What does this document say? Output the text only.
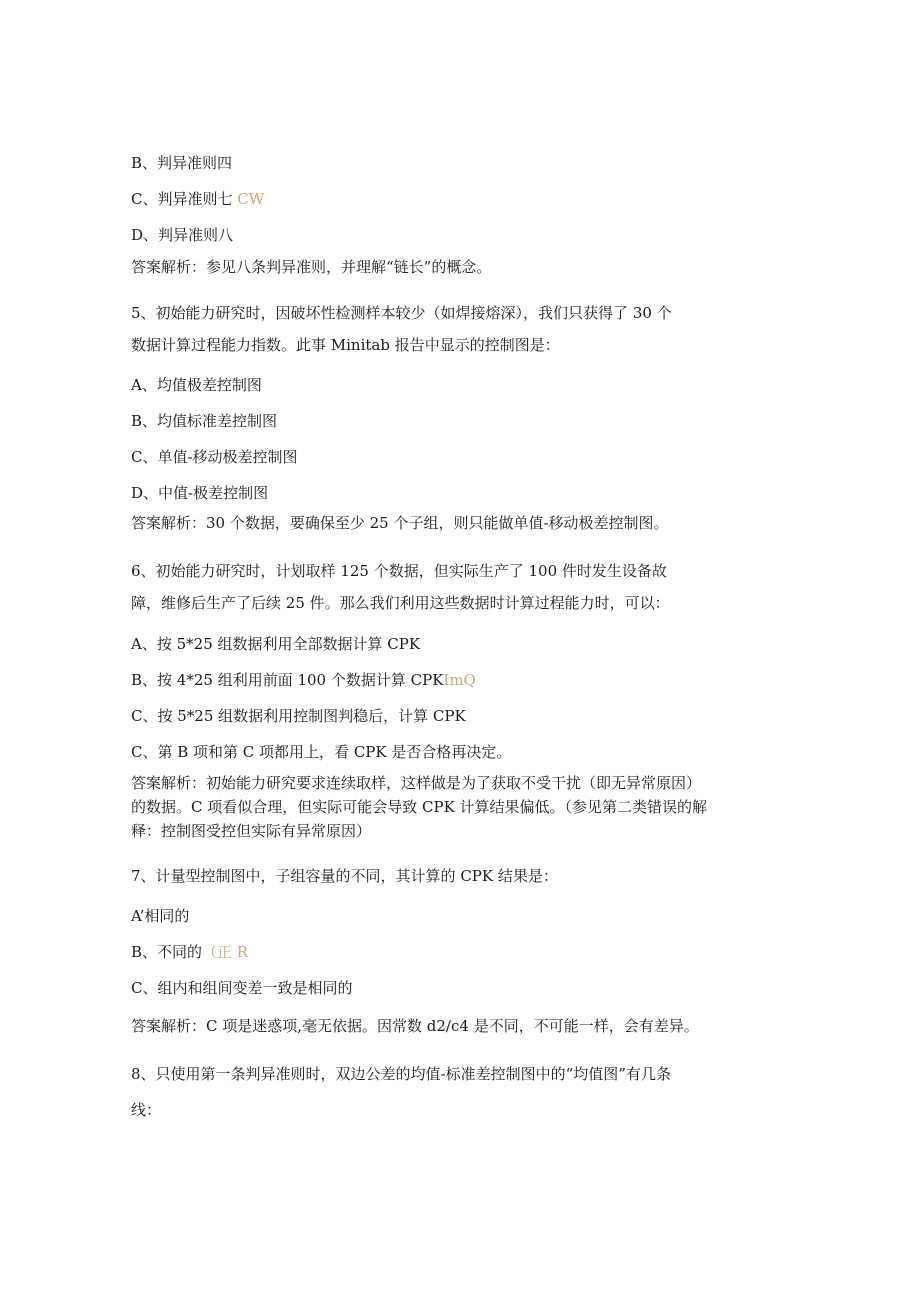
B、判异准则四
C、判异准则七 CW
D、判异准则八
答案解析：参见八条判异准则，并理解“链长”的概念。
5、初始能力研究时，因破坏性检测样本较少（如焊接熔深），我们只获得了 30 个
数据计算过程能力指数。此事 Minitab 报告中显示的控制图是：
A、均值极差控制图
B、均值标准差控制图
C、单值-移动极差控制图
D、中值-极差控制图
答案解析：30 个数据，要确保至少 25 个子组，则只能做单值-移动极差控制图。
6、初始能力研究时，计划取样 125 个数据，但实际生产了 100 件时发生设备故
障，维修后生产了后续 25 件。那么我们利用这些数据时计算过程能力时，可以：
A、按 5*25 组数据利用全部数据计算 CPK
B、按 4*25 组利用前面 100 个数据计算 CPKImQ
C、按 5*25 组数据利用控制图判稳后，计算 CPK
C、第 B 项和第 C 项都用上，看 CPK 是否合格再决定。
答案解析：初始能力研究要求连续取样，这样做是为了获取不受干扰（即无异常原因）
的数据。C 项看似合理，但实际可能会导致 CPK 计算结果偏低。（参见第二类错误的解
释：控制图受控但实际有异常原因）
7、计量型控制图中，子组容量的不同，其计算的 CPK 结果是：
A’相同的
B、不同的（正 R
C、组内和组间变差一致是相同的
答案解析：C 项是迷惑项,毫无依据。因常数 d2/c4 是不同，不可能一样，会有差异。
8、只使用第一条判异准则时，双边公差的均值-标准差控制图中的“均值图”有几条
线：
